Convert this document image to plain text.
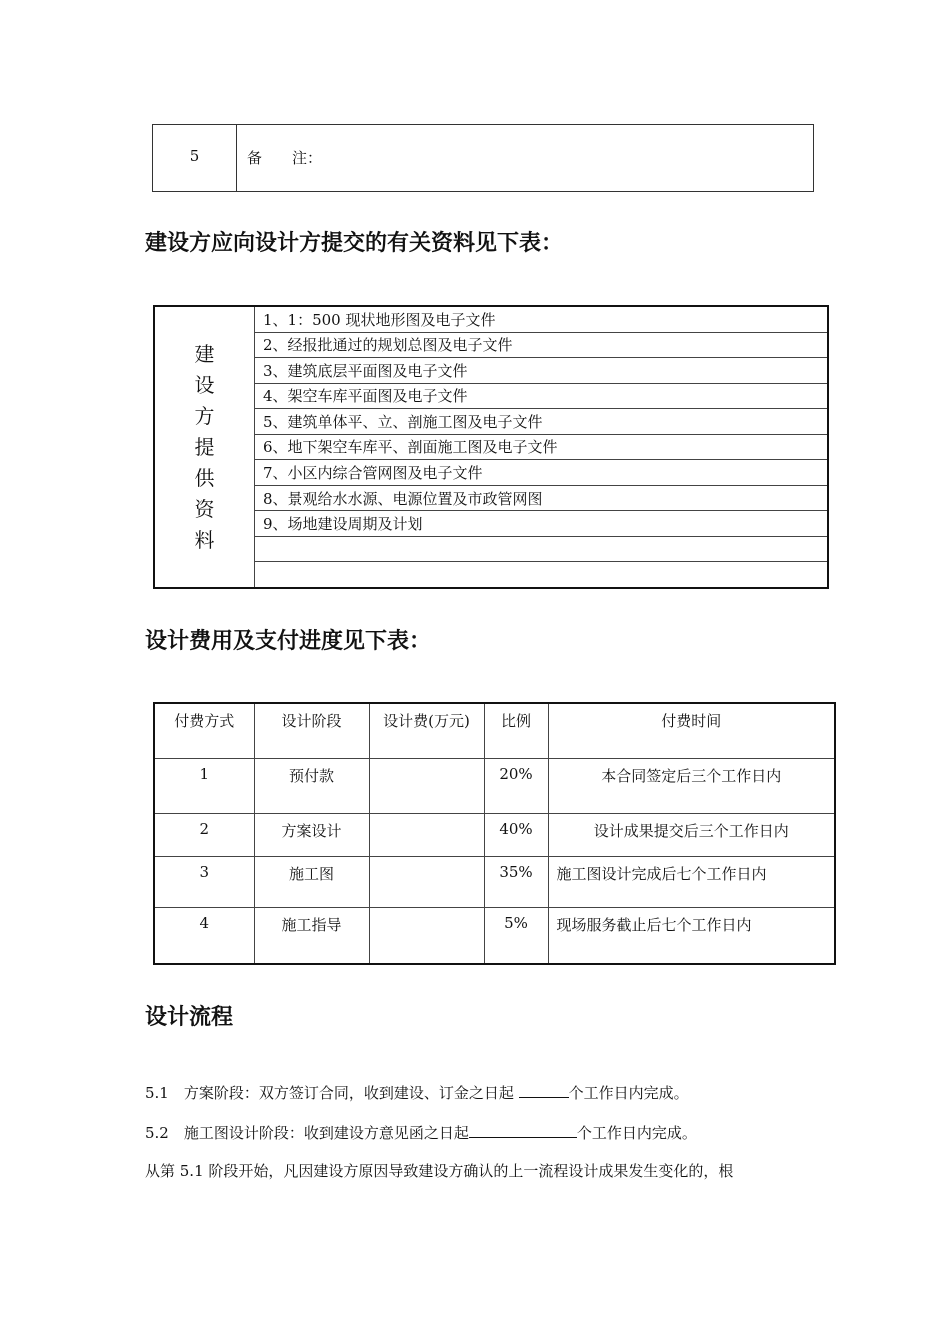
5	备　　注：
建设方应向设计方提交的有关资料见下表：
建
设
方
提
供
资
料
	1、1：500 现状地形图及电子文件
2、经报批通过的规划总图及电子文件
3、建筑底层平面图及电子文件
4、架空车库平面图及电子文件
5、建筑单体平、立、剖施工图及电子文件
6、地下架空车库平、剖面施工图及电子文件
7、小区内综合管网图及电子文件
8、景观给水水源、电源位置及市政管网图
9、场地建设周期及计划

设计费用及支付进度见下表：
付费方式	设计阶段	设计费(万元)	比例	付费时间
1	预付款		20%	本合同签定后三个工作日内
2	方案设计		40%	设计成果提交后三个工作日内
3	施工图		35%	施工图设计完成后七个工作日内
4	施工指导		5%	现场服务截止后七个工作日内
设计流程

5.1　方案阶段：双方签订合同，收到建设、订金之日起	个工作日内完成。

5.2　施工图设计阶段：收到建设方意见函之日起	个工作日内完成。

从第 5.1 阶段开始，凡因建设方原因导致建设方确认的上一流程设计成果发生变化的，根
